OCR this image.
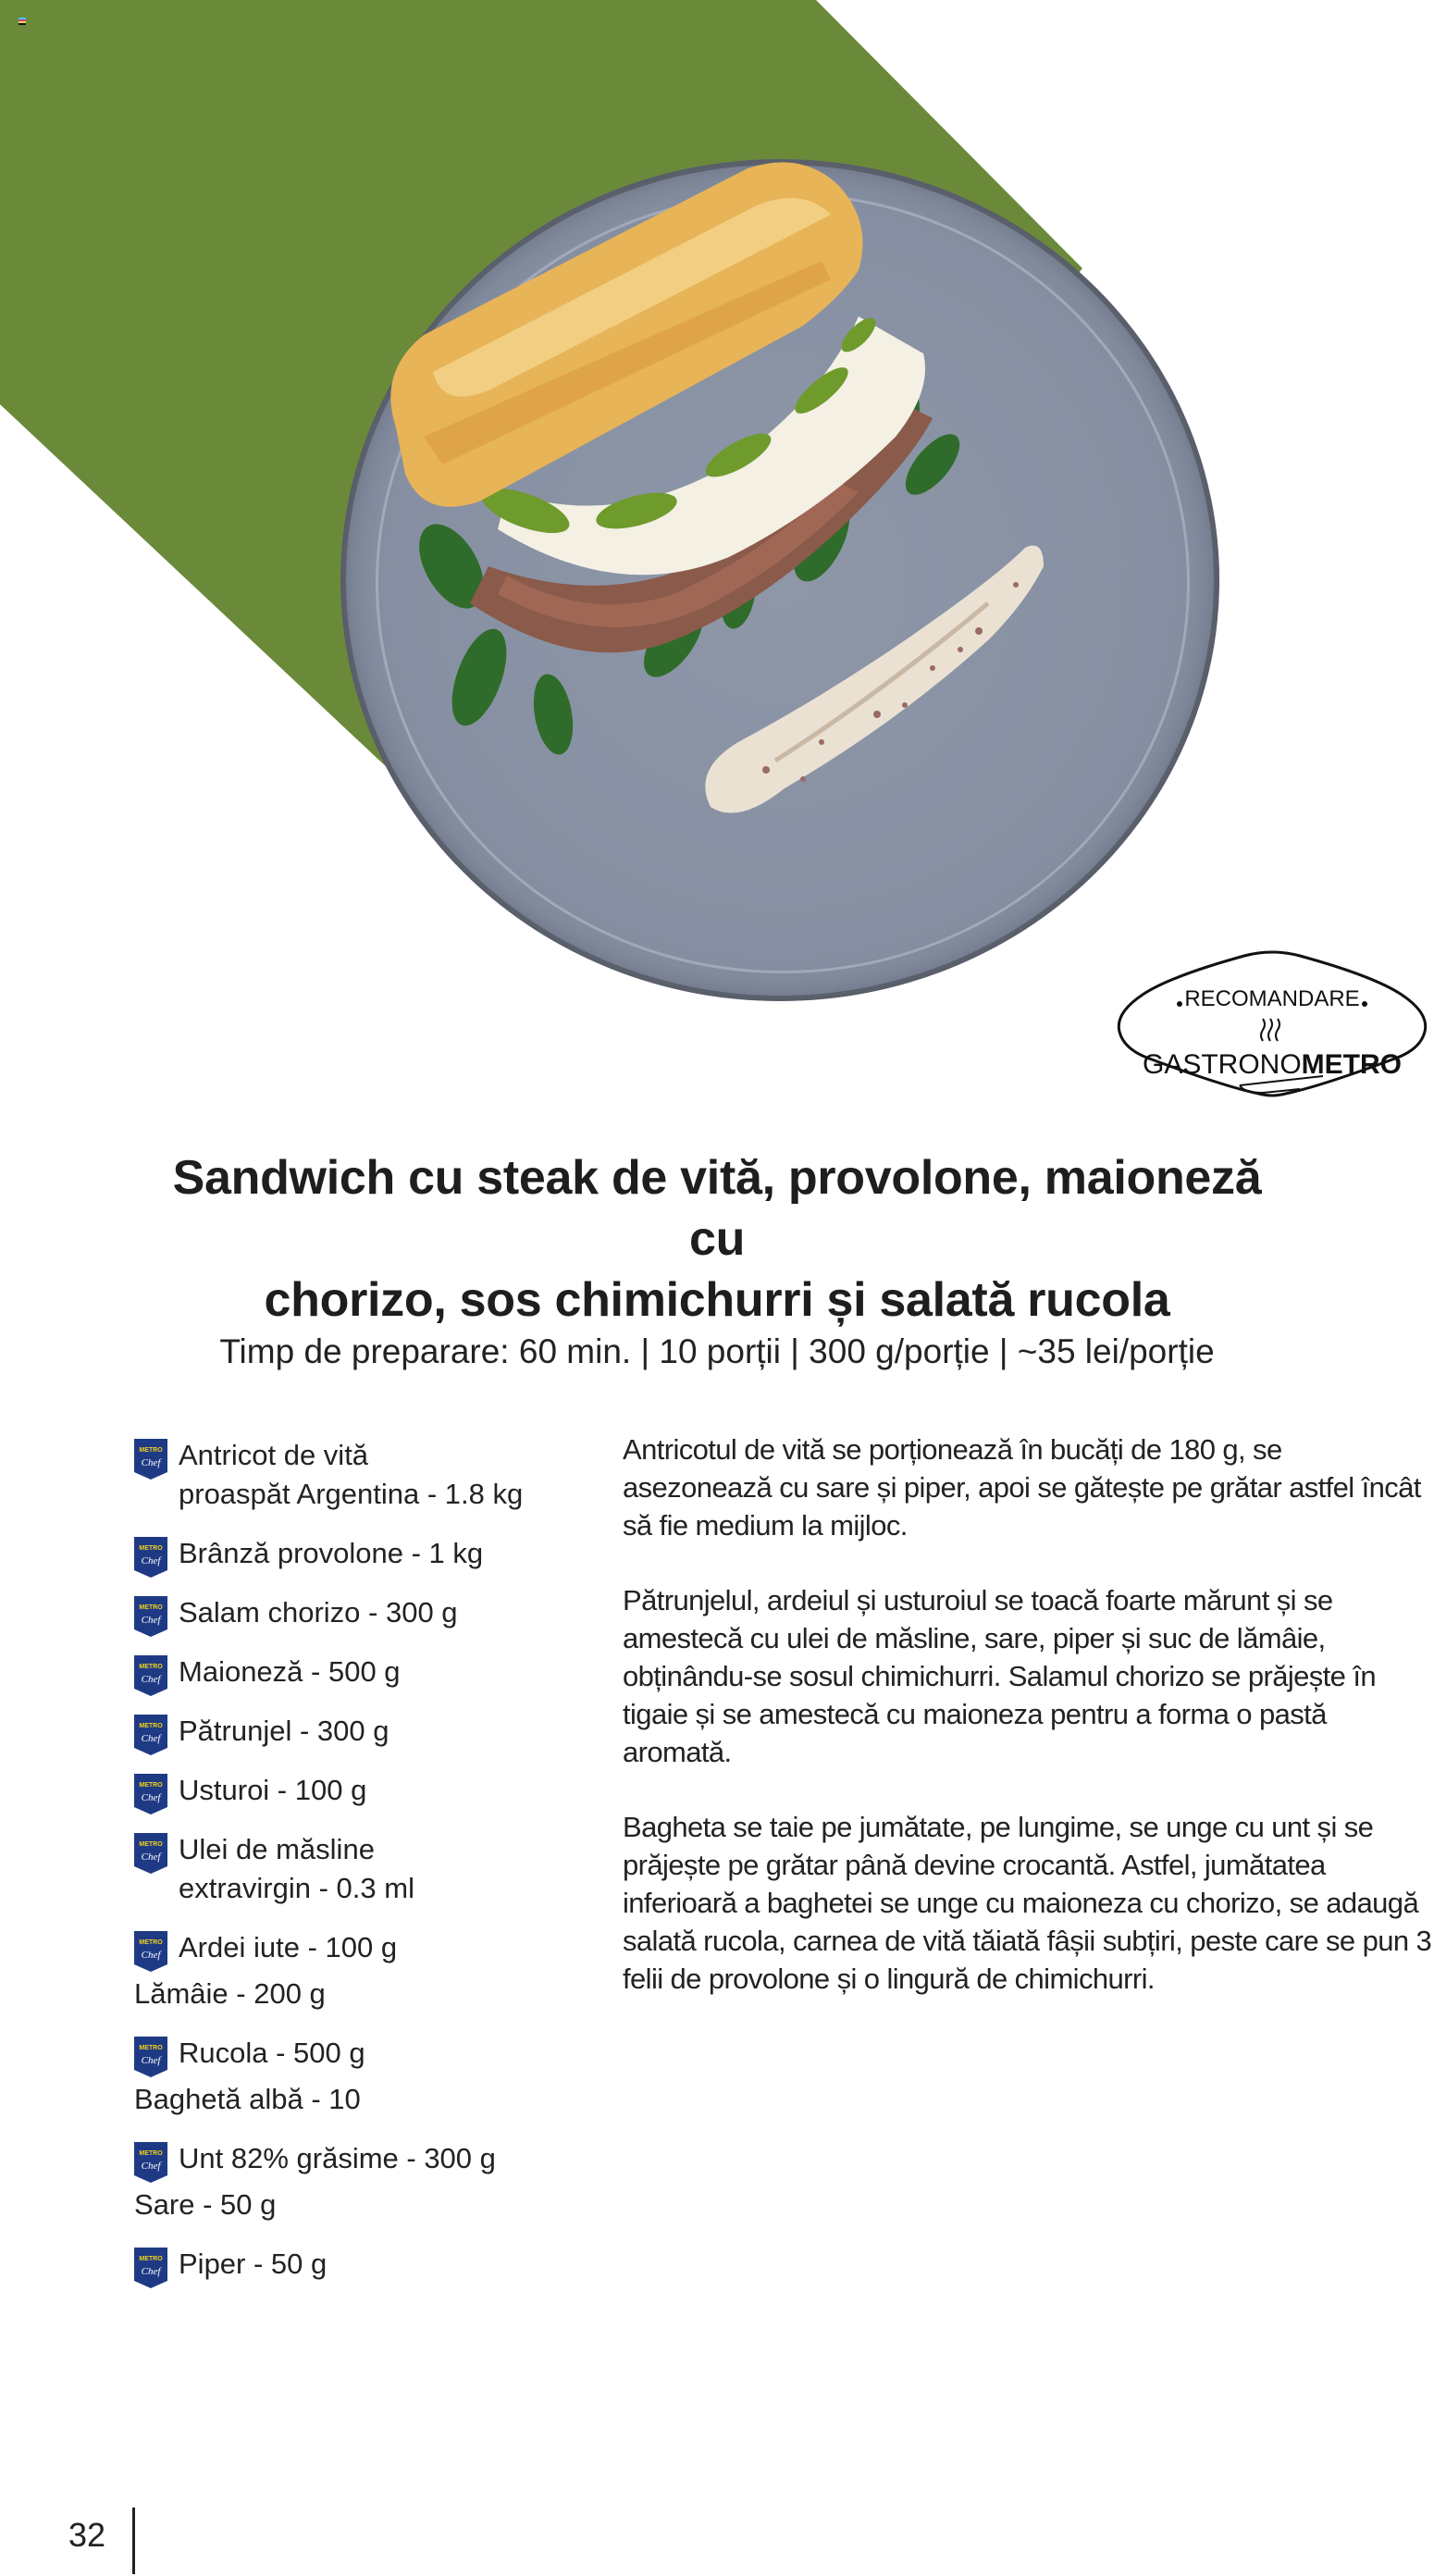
RECOMANDARE
GASTRONOMETRO
Sandwich cu steak de vită, provolone, maioneză cu
chorizo, sos chimichurri și salată rucola
Timp de preparare: 60 min. | 10 porții | 300 g/porție | ~35 lei/porție
METRO
Chef Antricot de vită
proaspăt Argentina - 1.8 kg
METRO
Chef Brânză provolone - 1 kg
METRO
Chef Salam chorizo - 300 g
METRO
Chef Maioneză - 500 g
METRO
Chef Pătrunjel - 300 g
METRO
Chef Usturoi - 100 g
METRO
Chef Ulei de măsline
extravirgin - 0.3 ml
METRO
Chef Ardei iute - 100 g
Lămâie - 200 g
METRO
Chef Rucola - 500 g
Baghetă albă - 10
METRO
Chef Unt 82% grăsime - 300 g
Sare - 50 g
METRO
Chef Piper - 50 g

Antricotul de vită se porționează în bucăți de 180 g, se asezonează cu sare și piper, apoi se gătește pe grătar astfel încât să fie medium la mijloc.

Pătrunjelul, ardeiul și usturoiul se toacă foarte mărunt și se amestecă cu ulei de măsline, sare, piper și suc de lămâie, obținându-se sosul chimichurri. Salamul chorizo se prăjește în tigaie și se amestecă cu maioneza pentru a forma o pastă aromată.

Bagheta se taie pe jumătate, pe lungime, se unge cu unt și se prăjește pe grătar până devine crocantă. Astfel, jumătatea inferioară a baghetei se unge cu maioneza cu chorizo, se adaugă salată rucola, carnea de vită tăiată fâșii subțiri, peste care se pun 3 felii de provolone și o lingură de chimichurri.

32
